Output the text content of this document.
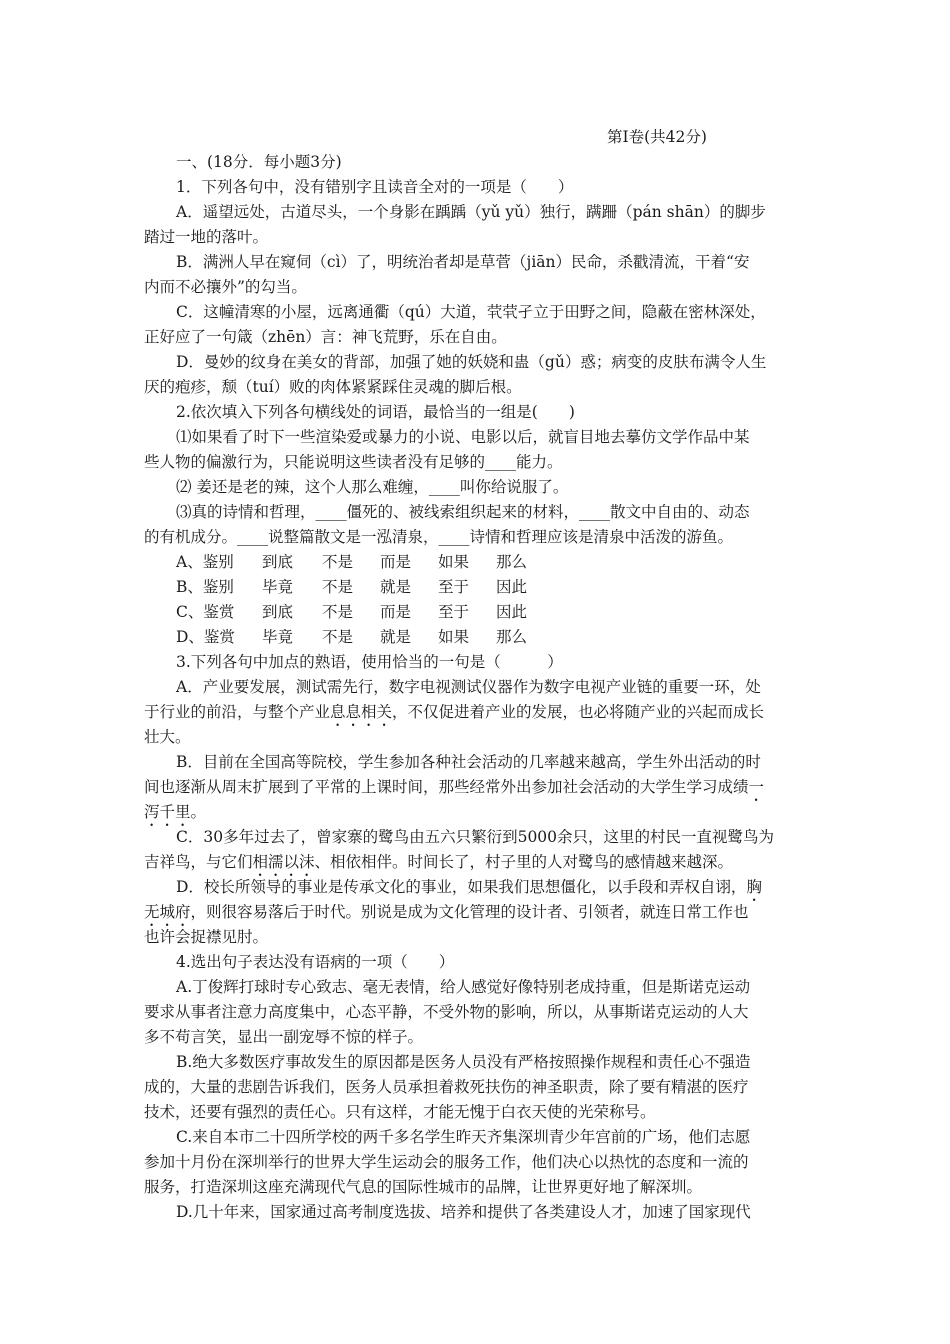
第Ⅰ卷(共42分)
一、(18分．每小题3分)
1．下列各句中，没有错别字且读音全对的一项是（　　）
A．遥望远处，古道尽头，一个身影在踽踽（yǔ yǔ）独行，蹒跚（pán shān）的脚步
踏过一地的落叶。
B．满洲人早在窥伺（cì）了，明统治者却是草菅（jiān）民命，杀戳清流，干着“安
内而不必攘外”的勾当。
C．这幢清寒的小屋，远离通衢（qú）大道，茕茕孑立于田野之间，隐蔽在密林深处，
正好应了一句箴（zhēn）言：神飞荒野，乐在自由。
D．曼妙的纹身在美女的背部，加强了她的妖娆和蛊（gǔ）惑；病变的皮肤布满令人生
厌的疱疹，颓（tuí）败的肉体紧紧踩住灵魂的脚后根。
2.依次填入下列各句横线处的词语，最恰当的一组是(　　)
⑴如果看了时下一些渲染爱或暴力的小说、电影以后，就盲目地去摹仿文学作品中某
些人物的偏激行为，只能说明这些读者没有足够的____能力。
⑵ 姜还是老的辣，这个人那么难缠，____叫你给说服了。
⑶真的诗情和哲理，____僵死的、被线索组织起来的材料，____散文中自由的、动态
的有机成分。____说整篇散文是一泓清泉，____诗情和哲理应该是清泉中活泼的游鱼。
A、鉴别 到底 不是 而是 如果 那么
B、鉴别 毕竟 不是 就是 至于 因此
C、鉴赏 到底 不是 而是 至于 因此
D、鉴赏 毕竟 不是 就是 如果 那么
3.下列各句中加点的熟语，使用恰当的一句是（　　　）
A．产业要发展，测试需先行，数字电视测试仪器作为数字电视产业链的重要一环，处
于行业的前沿，与整个产业息息相关，不仅促进着产业的发展，也必将随产业的兴起而成长
壮大。
B．目前在全国高等院校，学生参加各种社会活动的几率越来越高，学生外出活动的时
间也逐渐从周末扩展到了平常的上课时间，那些经常外出参加社会活动的大学生学习成绩一
泻千里。
C．30多年过去了，曾家寨的鹭鸟由五六只繁衍到5000余只，这里的村民一直视鹭鸟为
吉祥鸟，与它们相濡以沫、相依相伴。时间长了，村子里的人对鹭鸟的感情越来越深。
D．校长所领导的事业是传承文化的事业，如果我们思想僵化，以手段和弄权自诩，胸
无城府，则很容易落后于时代。别说是成为文化管理的设计者、引领者，就连日常工作也
也许会捉襟见肘。
4.选出句子表达没有语病的一项（　　）
A.丁俊辉打球时专心致志、毫无表情，给人感觉好像特别老成持重，但是斯诺克运动
要求从事者注意力高度集中，心态平静，不受外物的影响，所以，从事斯诺克运动的人大
多不苟言笑，显出一副宠辱不惊的样子。
B.绝大多数医疗事故发生的原因都是医务人员没有严格按照操作规程和责任心不强造
成的，大量的悲剧告诉我们，医务人员承担着救死扶伤的神圣职责，除了要有精湛的医疗
技术，还要有强烈的责任心。只有这样，才能无愧于白衣天使的光荣称号。
C.来自本市二十四所学校的两千多名学生昨天齐集深圳青少年宫前的广场，他们志愿
参加十月份在深圳举行的世界大学生运动会的服务工作，他们决心以热忱的态度和一流的
服务，打造深圳这座充满现代气息的国际性城市的品牌，让世界更好地了解深圳。
D.几十年来，国家通过高考制度选拔、培养和提供了各类建设人才，加速了国家现代
